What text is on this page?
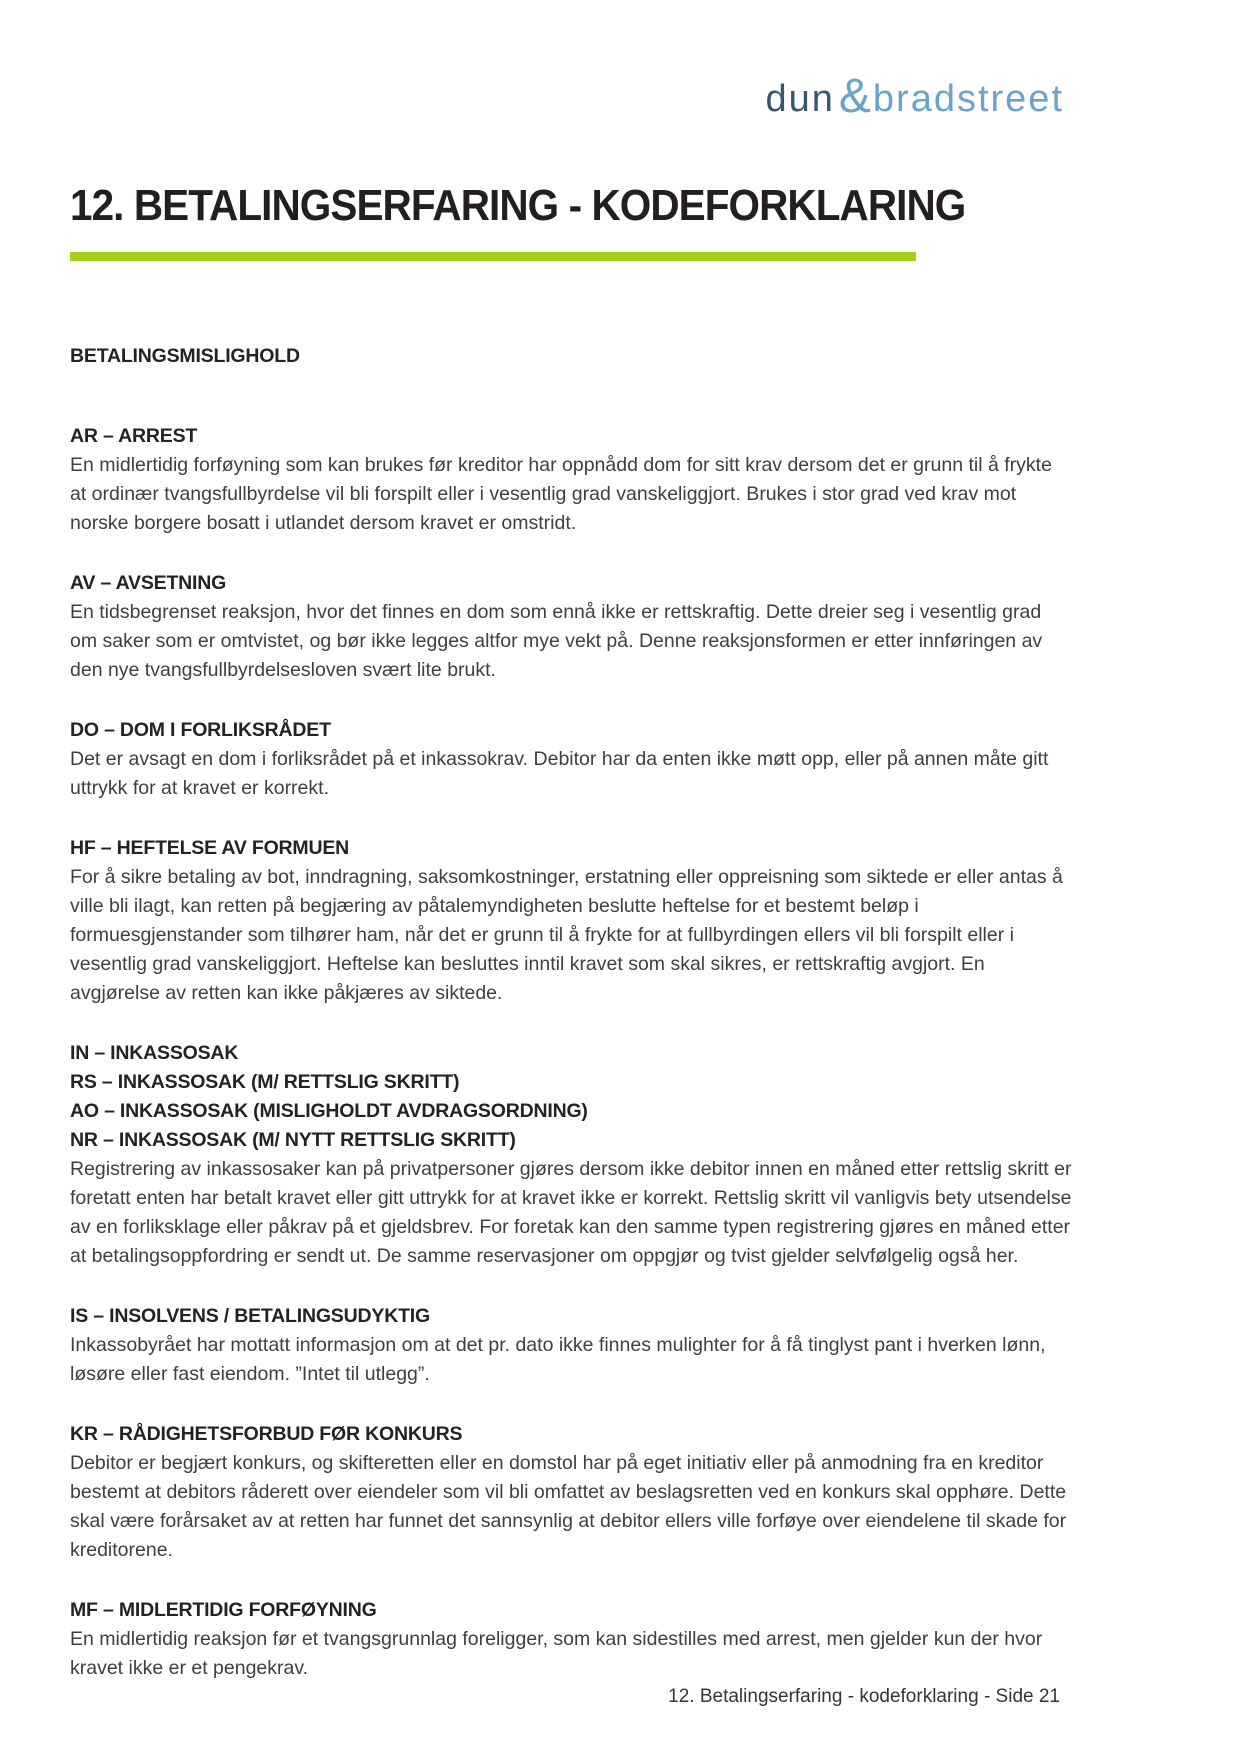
dun & bradstreet
12. BETALINGSERFARING - KODEFORKLARING
BETALINGSMISLIGHOLD
AR – ARREST

En midlertidig forføyning som kan brukes før kreditor har oppnådd dom for sitt krav dersom det er grunn til å frykte at ordinær tvangsfullbyrdelse vil bli forspilt eller i vesentlig grad vanskeliggjort. Brukes i stor grad ved krav mot norske borgere bosatt i utlandet dersom kravet er omstridt.

AV – AVSETNING

En tidsbegrenset reaksjon, hvor det finnes en dom som ennå ikke er rettskraftig. Dette dreier seg i vesentlig grad om saker som er omtvistet, og bør ikke legges altfor mye vekt på. Denne reaksjonsformen er etter innføringen av den nye tvangsfullbyrdelsesloven svært lite brukt.

DO – DOM I FORLIKSRÅDET

Det er avsagt en dom i forliksrådet på et inkassokrav. Debitor har da enten ikke møtt opp, eller på annen måte gitt uttrykk for at kravet er korrekt.

HF – HEFTELSE AV FORMUEN

For å sikre betaling av bot, inndragning, saksomkostninger, erstatning eller oppreisning som siktede er eller antas å ville bli ilagt, kan retten på begjæring av påtalemyndigheten beslutte heftelse for et bestemt beløp i formuesgjenstander som tilhører ham, når det er grunn til å frykte for at fullbyrdingen ellers vil bli forspilt eller i vesentlig grad vanskeliggjort. Heftelse kan besluttes inntil kravet som skal sikres, er rettskraftig avgjort. En avgjørelse av retten kan ikke påkjæres av siktede.

IN – INKASSOSAK
RS – INKASSOSAK (M/ RETTSLIG SKRITT)
AO – INKASSOSAK (MISLIGHOLDT AVDRAGSORDNING)
NR – INKASSOSAK (M/ NYTT RETTSLIG SKRITT)

Registrering av inkassosaker kan på privatpersoner gjøres dersom ikke debitor innen en måned etter rettslig skritt er foretatt enten har betalt kravet eller gitt uttrykk for at kravet ikke er korrekt. Rettslig skritt vil vanligvis bety utsendelse av en forliksklage eller påkrav på et gjeldsbrev. For foretak kan den samme typen registrering gjøres en måned etter at betalingsoppfordring er sendt ut. De samme reservasjoner om oppgjør og tvist gjelder selvfølgelig også her.

IS – INSOLVENS / BETALINGSUDYKTIG

Inkassobyrået har mottatt informasjon om at det pr. dato ikke finnes mulighter for å få tinglyst pant i hverken lønn, løsøre eller fast eiendom. ”Intet til utlegg”.

KR – RÅDIGHETSFORBUD FØR KONKURS

Debitor er begjært konkurs, og skifteretten eller en domstol har på eget initiativ eller på anmodning fra en kreditor bestemt at debitors råderett over eiendeler som vil bli omfattet av beslagsretten ved en konkurs skal opphøre. Dette skal være forårsaket av at retten har funnet det sannsynlig at debitor ellers ville forføye over eiendelene til skade for kreditorene.

MF – MIDLERTIDIG FORFØYNING

En midlertidig reaksjon før et tvangsgrunnlag foreligger, som kan sidestilles med arrest, men gjelder kun der hvor kravet ikke er et pengekrav.

12. Betalingserfaring - kodeforklaring - Side 21
